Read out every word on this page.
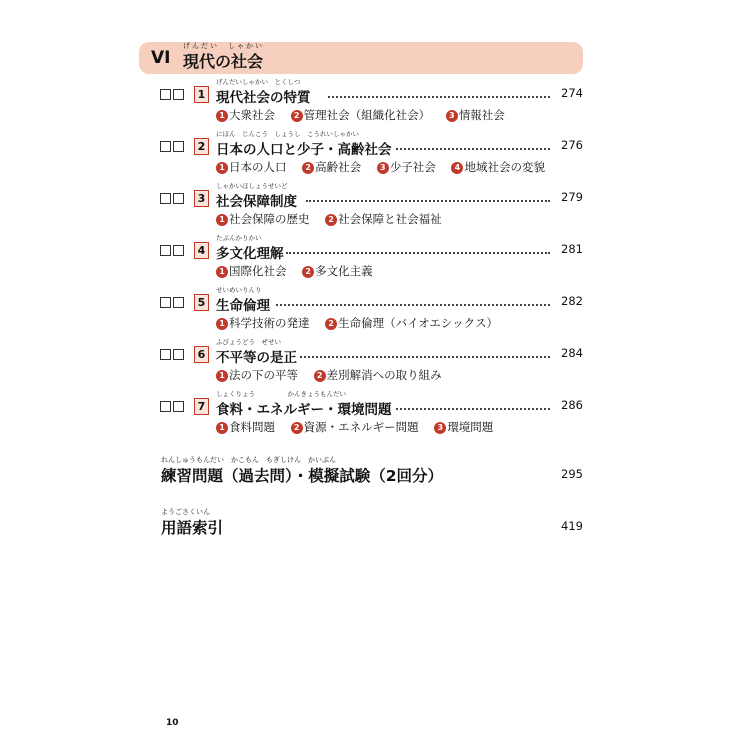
VI
げんだい　しゃかい
現代の社会
1
げんだいしゃかい　とくしつ
現代社会の特質	274
1 大衆社会 2 管理社会（組織化社会） 3 情報社会
2
にほん　じんこう　しょうし　こうれいしゃかい
日本の人口と少子・高齢社会	276
1 日本の人口 2 高齢社会 3 少子社会 4 地域社会の変貌
3
しゃかいほしょうせいど
社会保障制度	279
1 社会保障の歴史 2 社会保障と社会福祉
4
たぶんかりかい
多文化理解	281
1 国際化社会 2 多文化主義
5
せいめいりんり
生命倫理	282
1 科学技術の発達 2 生命倫理（バイオエシックス）
6
ふびょうどう　ぜせい
不平等の是正	284
1 法の下の平等 2 差別解消への取り組み
7
しょくりょう　　　　　かんきょうもんだい
食料・エネルギー・環境問題	286
1 食料問題 2 資源・エネルギー問題 3 環境問題
れんしゅうもんだい　かこもん　もぎしけん　かいぶん
練習問題（過去問）・模擬試験（2回分）	295
ようごさくいん
用語索引	419
10
